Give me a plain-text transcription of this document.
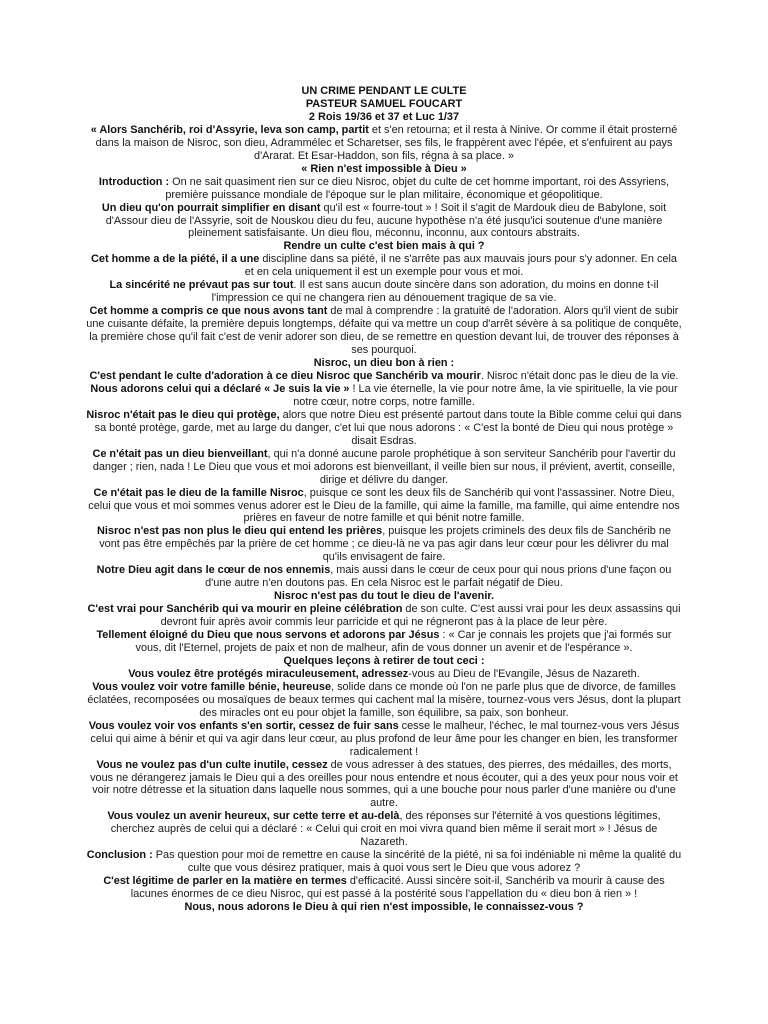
UN CRIME PENDANT LE CULTE

PASTEUR SAMUEL FOUCART

2 Rois 19/36 et 37 et Luc 1/37

« Alors Sanchérib, roi d'Assyrie, leva son camp, partit et s'en retourna; et il resta à Ninive. Or comme il était prosterné dans la maison de Nisroc, son dieu, Adrammélec et Scharetser, ses fils, le frappèrent avec l'épée, et s'enfuirent au pays d'Ararat. Et Esar-Haddon, son fils, régna à sa place. »

« Rien n'est impossible à Dieu »

Introduction : On ne sait quasiment rien sur ce dieu Nisroc, objet du culte de cet homme important, roi des Assyriens, première puissance mondiale de l'époque sur le plan militaire, économique et géopolitique.

Un dieu qu'on pourrait simplifier en disant qu'il est « fourre-tout » ! Soit il s'agit de Mardouk dieu de Babylone, soit d'Assour dieu de l'Assyrie, soit de Nouskou dieu du feu, aucune hypothèse n'a été jusqu'ici soutenue d'une manière pleinement satisfaisante. Un dieu flou, méconnu, inconnu, aux contours abstraits.

Rendre un culte c'est bien mais à qui ?

Cet homme a de la piété, il a une discipline dans sa piété, il ne s'arrête pas aux mauvais jours pour s'y adonner. En cela et en cela uniquement il est un exemple pour vous et moi.

La sincérité ne prévaut pas sur tout. Il est sans aucun doute sincère dans son adoration, du moins en donne t-il l'impression ce qui ne changera rien au dénouement tragique de sa vie.

Cet homme a compris ce que nous avons tant de mal à comprendre : la gratuité de l'adoration. Alors qu'il vient de subir une cuisante défaite, la première depuis longtemps, défaite qui va mettre un coup d'arrêt sévère à sa politique de conquête, la première chose qu'il fait c'est de venir adorer son dieu, de se remettre en question devant lui, de trouver des réponses à ses pourquoi.

Nisroc, un dieu bon à rien :

C'est pendant le culte d'adoration à ce dieu Nisroc que Sanchérib va mourir. Nisroc n'était donc pas le dieu de la vie.

Nous adorons celui qui a déclaré « Je suis la vie » ! La vie éternelle, la vie pour notre âme, la vie spirituelle, la vie pour notre cœur, notre corps, notre famille.

Nisroc n'était pas le dieu qui protège, alors que notre Dieu est présenté partout dans toute la Bible comme celui qui dans sa bonté protège, garde, met au large du danger, c'et lui que nous adorons : « C'est la bonté de Dieu qui nous protège » disait Esdras.

Ce n'était pas un dieu bienveillant, qui n'a donné aucune parole prophétique à son serviteur Sanchérib pour l'avertir du danger ; rien, nada ! Le Dieu que vous et moi adorons est bienveillant, il veille bien sur nous, il prévient, avertit, conseille, dirige et délivre du danger.

Ce n'était pas le dieu de la famille Nisroc, puisque ce sont les deux fils de Sanchérib qui vont l'assassiner. Notre Dieu, celui que vous et moi sommes venus adorer est le Dieu de la famille, qui aime la famille, ma famille, qui aime entendre nos prières en faveur de notre famille et qui bénit notre famille.

Nisroc n'est pas non plus le dieu qui entend les prières, puisque les projets criminels des deux fils de Sanchérib ne vont pas être empêchés par la prière de cet homme ; ce dieu-là ne va pas agir dans leur cœur pour les délivrer du mal qu'ils envisagent de faire.

Notre Dieu agit dans le cœur de nos ennemis, mais aussi dans le cœur de ceux pour qui nous prions d'une façon ou d'une autre n'en doutons pas. En cela Nisroc est le parfait négatif de Dieu.

Nisroc n'est pas du tout le dieu de l'avenir.

C'est vrai pour Sanchérib qui va mourir en pleine célébration de son culte. C'est aussi vrai pour les deux assassins qui devront fuir après avoir commis leur parricide et qui ne régneront pas à la place de leur père.

Tellement éloigné du Dieu que nous servons et adorons par Jésus : « Car je connais les projets que j'ai formés sur vous, dit l'Eternel, projets de paix et non de malheur, afin de vous donner un avenir et de l'espérance ».

Quelques leçons à retirer de tout ceci :

Vous voulez être protégés miraculeusement, adressez-vous au Dieu de l'Evangile, Jésus de Nazareth.

Vous voulez voir votre famille bénie, heureuse, solide dans ce monde où l'on ne parle plus que de divorce, de familles éclatées, recomposées ou mosaïques de beaux termes qui cachent mal la misère, tournez-vous vers Jésus, dont la plupart des miracles ont eu pour objet la famille, son équilibre, sa paix, son bonheur.

Vous voulez voir vos enfants s'en sortir, cessez de fuir sans cesse le malheur, l'échec, le mal tournez-vous vers Jésus celui qui aime à bénir et qui va agir dans leur cœur, au plus profond de leur âme pour les changer en bien, les transformer radicalement !

Vous ne voulez pas d'un culte inutile, cessez de vous adresser à des statues, des pierres, des médailles, des morts, vous ne dérangerez jamais le Dieu qui a des oreilles pour nous entendre et nous écouter, qui a des yeux pour nous voir et voir notre détresse et la situation dans laquelle nous sommes, qui a une bouche pour nous parler d'une manière ou d'une autre.

Vous voulez un avenir heureux, sur cette terre et au-delà, des réponses sur l'éternité à vos questions légitimes, cherchez auprès de celui qui a déclaré : « Celui qui croit en moi vivra quand bien même il serait mort » ! Jésus de Nazareth.

Conclusion : Pas question pour moi de remettre en cause la sincérité de la piété, ni sa foi indéniable ni même la qualité du culte que vous désirez pratiquer, mais à quoi vous sert le Dieu que vous adorez ?

C'est légitime de parler en la matière en termes d'efficacité. Aussi sincère soit-il, Sanchérib va mourir à cause des lacunes énormes de ce dieu Nisroc, qui est passé à la postérité sous l'appellation du « dieu bon à rien » !

Nous, nous adorons le Dieu à qui rien n'est impossible, le connaissez-vous ?
